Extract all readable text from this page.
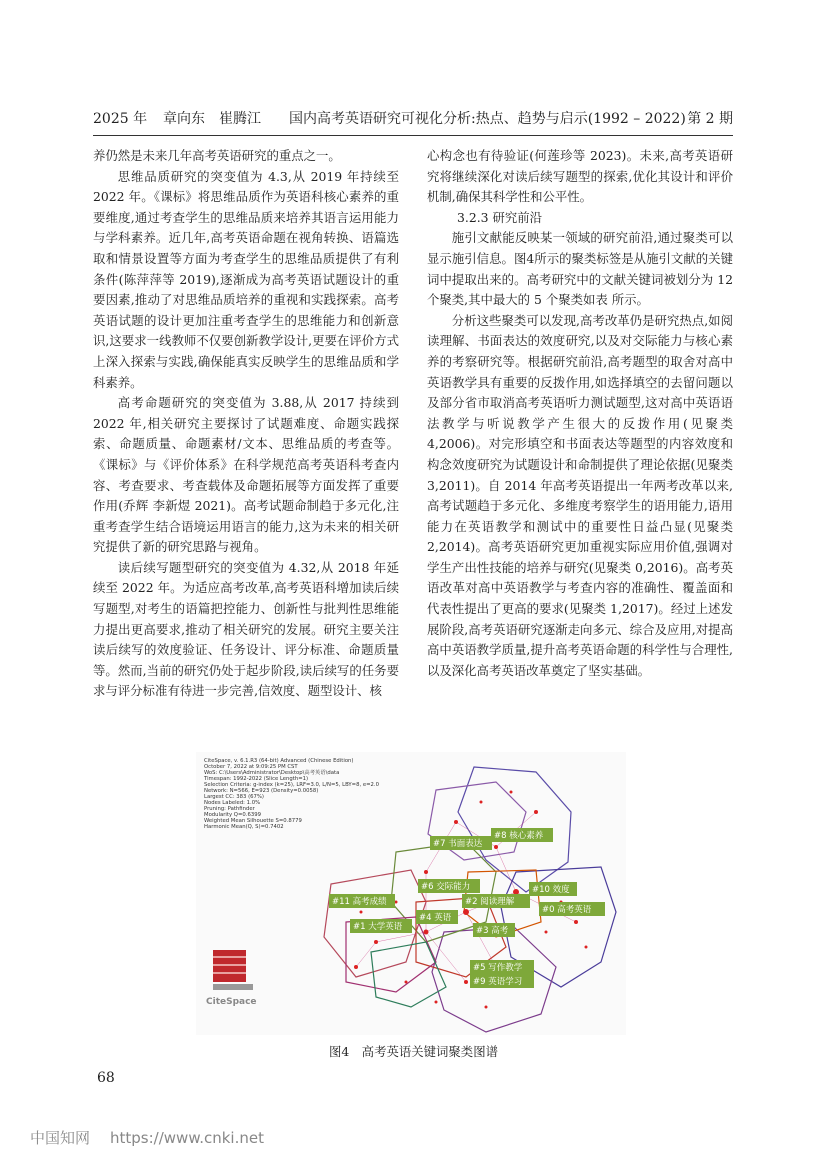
2025 年 章向东　崔腾江 国内高考英语研究可视化分析:热点、趋势与启示(1992 – 2022) 第 2 期

养仍然是未来几年高考英语研究的重点之一。

思维品质研究的突变值为 4.3,从 2019 年持续至 2022 年。《课标》将思维品质作为英语科核心素养的重要维度,通过考查学生的思维品质来培养其语言运用能力与学科素养。近几年,高考英语命题在视角转换、语篇选取和情景设置等方面为考查学生的思维品质提供了有利条件(陈萍萍等 2019),逐渐成为高考英语试题设计的重要因素,推动了对思维品质培养的重视和实践探索。高考英语试题的设计更加注重考查学生的思维能力和创新意识,这要求一线教师不仅要创新教学设计,更要在评价方式上深入探索与实践,确保能真实反映学生的思维品质和学科素养。

高考命题研究的突变值为 3.88,从 2017 持续到 2022 年,相关研究主要探讨了试题难度、命题实践探索、命题质量、命题素材/文本、思维品质的考查等。《课标》与《评价体系》在科学规范高考英语科考查内容、考查要求、考查载体及命题拓展等方面发挥了重要作用(乔辉 李新煜 2021)。高考试题命制趋于多元化,注重考查学生结合语境运用语言的能力,这为未来的相关研究提供了新的研究思路与视角。

读后续写题型研究的突变值为 4.32,从 2018 年延续至 2022 年。为适应高考改革,高考英语科增加读后续写题型,对考生的语篇把控能力、创新性与批判性思维能力提出更高要求,推动了相关研究的发展。研究主要关注读后续写的效度验证、任务设计、评分标准、命题质量等。然而,当前的研究仍处于起步阶段,读后续写的任务要求与评分标准有待进一步完善,信效度、题型设计、核

心构念也有待验证(何莲珍等 2023)。未来,高考英语研究将继续深化对读后续写题型的探索,优化其设计和评价机制,确保其科学性和公平性。

3.2.3 研究前沿

施引文献能反映某一领域的研究前沿,通过聚类可以显示施引信息。图4所示的聚类标签是从施引文献的关键词中提取出来的。高考研究中的文献关键词被划分为 12 个聚类,其中最大的 5 个聚类如表 所示。

分析这些聚类可以发现,高考改革仍是研究热点,如阅读理解、书面表达的效度研究,以及对交际能力与核心素养的考察研究等。根据研究前沿,高考题型的取舍对高中英语教学具有重要的反拨作用,如选择填空的去留问题以及部分省市取消高考英语听力测试题型,这对高中英语语法教学与听说教学产生很大的反拨作用(见聚类 4,2006)。对完形填空和书面表达等题型的内容效度和构念效度研究为试题设计和命制提供了理论依据(见聚类 3,2011)。自 2014 年高考英语提出一年两考改革以来,高考试题趋于多元化、多维度考察学生的语用能力,语用能力在英语教学和测试中的重要性日益凸显(见聚类 2,2014)。高考英语研究更加重视实际应用价值,强调对学生产出性技能的培养与研究(见聚类 0,2016)。高考英语改革对高中英语教学与考查内容的准确性、覆盖面和代表性提出了更高的要求(见聚类 1,2017)。经过上述发展阶段,高考英语研究逐渐走向多元、综合及应用,对提高高中英语教学质量,提升高考英语命题的科学性与合理性,以及深化高考英语改革奠定了坚实基础。

CiteSpace, v. 6.1.R3 (64-bit) Advanced (Chinese Edition)
October 7, 2022 at 9:09:25 PM CST
WoS: C:\Users\Administrator\Desktop\高考英语\data
Timespan: 1992-2022 (Slice Length=1)
Selection Criteria: g-index (k=25), LRF=3.0, L/N=5, LBY=8, e=2.0
Network: N=566, E=923 (Density=0.0058)
Largest CC: 383 (67%)
Nodes Labeled: 1.0%
Pruning: Pathfinder
Modularity Q=0.6399
Weighted Mean Silhouette S=0.8779
Harmonic Mean(Q, S)=0.7402
CiteSpace
#8 核心素养
#7 书面表达
#6 交际能力	#10 效度
#2 阅读理解
#11 高考成绩
#0 高考英语
#4 英语
#1 大学英语	#3 高考
#5 写作教学
#9 英语学习
图4　高考英语关键词聚类图谱
68
中国知网 https://www.cnki.net
